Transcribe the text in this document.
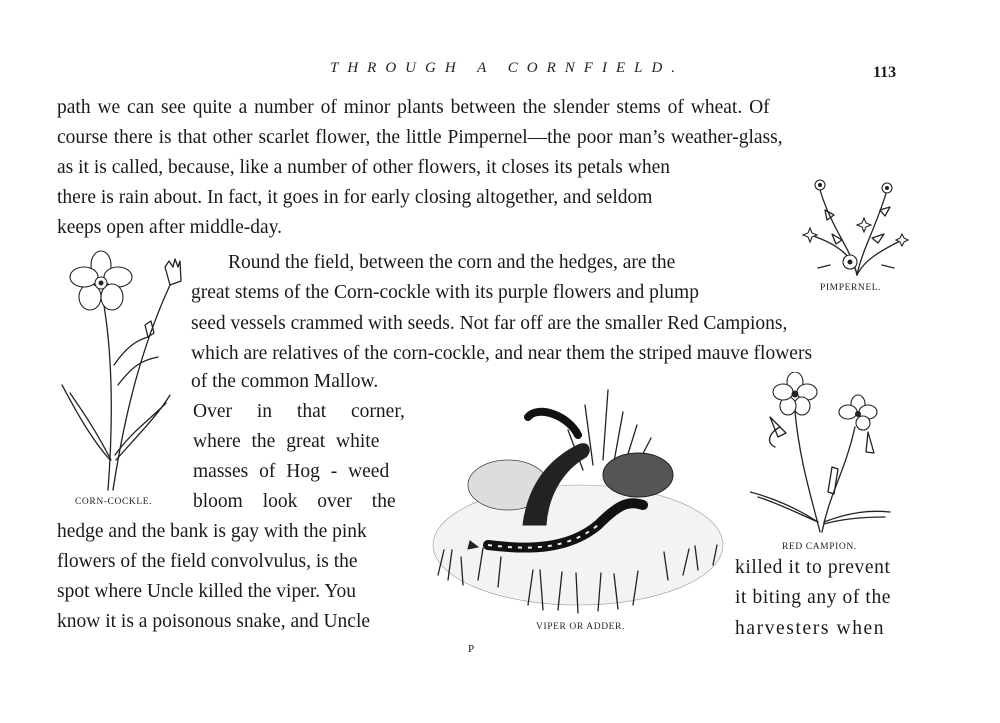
THROUGH A CORNFIELD.	113
path we can see quite a number of minor plants between the slender stems of wheat. Of
course there is that other scarlet flower, the little Pimpernel—the poor man’s weather-glass,
as it is called, because, like a number of other flowers, it closes its petals when
there is rain about. In fact, it goes in for early closing altogether, and seldom
keeps open after middle-day.
Round the field, between the corn and the hedges, are the
great stems of the Corn-cockle with its purple flowers and plump
seed vessels crammed with seeds. Not far off are the smaller Red Campions,
which are relatives of the corn-cockle, and near them the striped mauve flowers
of the common Mallow.
Over in that corner,
where the great white
masses of Hog - weed
bloom look over the
hedge and the bank is gay with the pink
flowers of the field convolvulus, is the
spot where Uncle killed the viper. You
know it is a poisonous snake, and Uncle
killed it to prevent
it biting any of the
harvesters when
PIMPERNEL.
CORN-COCKLE.
VIPER OR ADDER.
RED CAMPION.
P
